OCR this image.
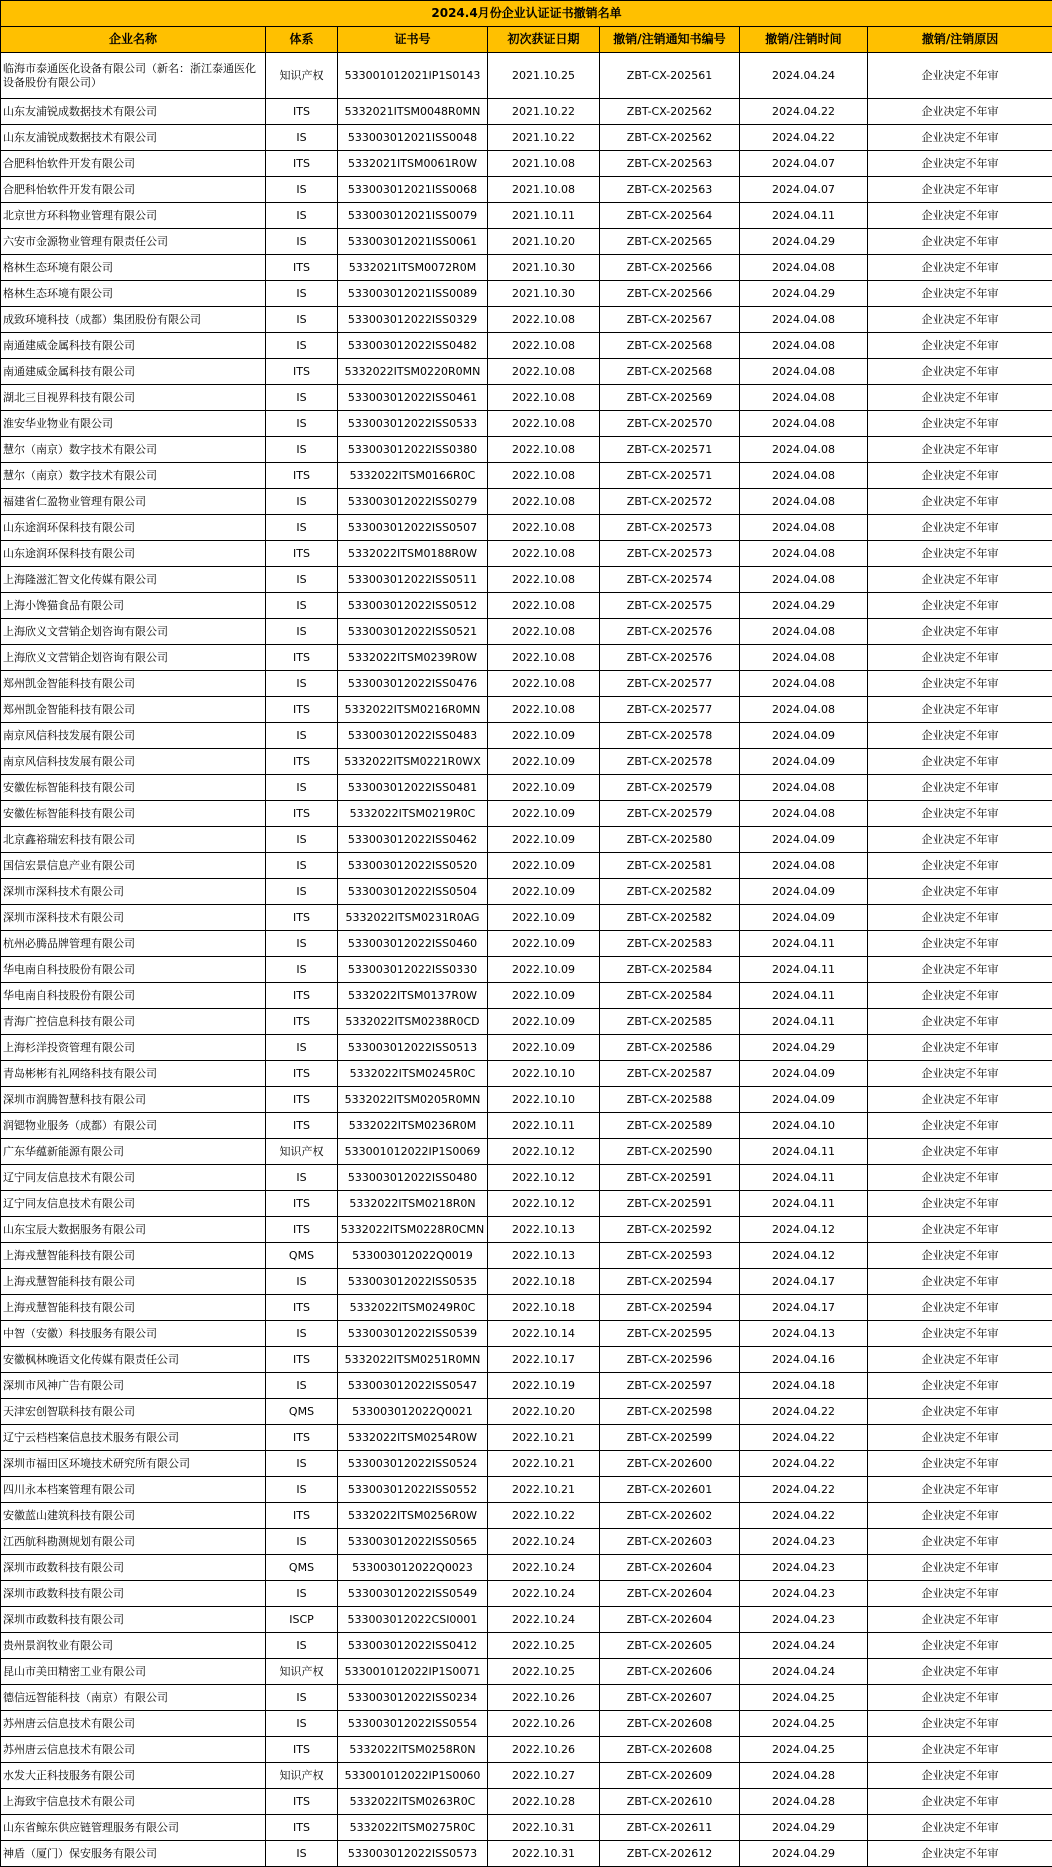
2024.4月份企业认证证书撤销名单						
企业名称	体系	证书号	初次获证日期	撤销/注销通知书编号	撤销/注销时间	撤销/注销原因
临海市泰通医化设备有限公司（新名：浙江泰通医化设备股份有限公司）	知识产权	533001012021IP1S0143	2021.10.25	ZBT-CX-202561	2024.04.24	企业决定不年审
山东友浦锐成数据技术有限公司	ITS	5332021ITSM0048R0MN	2021.10.22	ZBT-CX-202562	2024.04.22	企业决定不年审
山东友浦锐成数据技术有限公司	IS	533003012021ISS0048	2021.10.22	ZBT-CX-202562	2024.04.22	企业决定不年审
合肥科怡软件开发有限公司	ITS	5332021ITSM0061R0W	2021.10.08	ZBT-CX-202563	2024.04.07	企业决定不年审
合肥科怡软件开发有限公司	IS	533003012021ISS0068	2021.10.08	ZBT-CX-202563	2024.04.07	企业决定不年审
北京世方环科物业管理有限公司	IS	533003012021ISS0079	2021.10.11	ZBT-CX-202564	2024.04.11	企业决定不年审
六安市金源物业管理有限责任公司	IS	533003012021ISS0061	2021.10.20	ZBT-CX-202565	2024.04.29	企业决定不年审
格林生态环境有限公司	ITS	5332021ITSM0072R0M	2021.10.30	ZBT-CX-202566	2024.04.08	企业决定不年审
格林生态环境有限公司	IS	533003012021ISS0089	2021.10.30	ZBT-CX-202566	2024.04.29	企业决定不年审
成致环境科技（成都）集团股份有限公司	IS	533003012022ISS0329	2022.10.08	ZBT-CX-202567	2024.04.08	企业决定不年审
南通建威金属科技有限公司	IS	533003012022ISS0482	2022.10.08	ZBT-CX-202568	2024.04.08	企业决定不年审
南通建威金属科技有限公司	ITS	5332022ITSM0220R0MN	2022.10.08	ZBT-CX-202568	2024.04.08	企业决定不年审
湖北三目视界科技有限公司	IS	533003012022ISS0461	2022.10.08	ZBT-CX-202569	2024.04.08	企业决定不年审
淮安华业物业有限公司	IS	533003012022ISS0533	2022.10.08	ZBT-CX-202570	2024.04.08	企业决定不年审
慧尔（南京）数字技术有限公司	IS	533003012022ISS0380	2022.10.08	ZBT-CX-202571	2024.04.08	企业决定不年审
慧尔（南京）数字技术有限公司	ITS	5332022ITSM0166R0C	2022.10.08	ZBT-CX-202571	2024.04.08	企业决定不年审
福建省仁盈物业管理有限公司	IS	533003012022ISS0279	2022.10.08	ZBT-CX-202572	2024.04.08	企业决定不年审
山东途润环保科技有限公司	IS	533003012022ISS0507	2022.10.08	ZBT-CX-202573	2024.04.08	企业决定不年审
山东途润环保科技有限公司	ITS	5332022ITSM0188R0W	2022.10.08	ZBT-CX-202573	2024.04.08	企业决定不年审
上海隆滋汇智文化传媒有限公司	IS	533003012022ISS0511	2022.10.08	ZBT-CX-202574	2024.04.08	企业决定不年审
上海小馋猫食品有限公司	IS	533003012022ISS0512	2022.10.08	ZBT-CX-202575	2024.04.29	企业决定不年审
上海欣义文营销企划咨询有限公司	IS	533003012022ISS0521	2022.10.08	ZBT-CX-202576	2024.04.08	企业决定不年审
上海欣义文营销企划咨询有限公司	ITS	5332022ITSM0239R0W	2022.10.08	ZBT-CX-202576	2024.04.08	企业决定不年审
郑州凯金智能科技有限公司	IS	533003012022ISS0476	2022.10.08	ZBT-CX-202577	2024.04.08	企业决定不年审
郑州凯金智能科技有限公司	ITS	5332022ITSM0216R0MN	2022.10.08	ZBT-CX-202577	2024.04.08	企业决定不年审
南京风信科技发展有限公司	IS	533003012022ISS0483	2022.10.09	ZBT-CX-202578	2024.04.09	企业决定不年审
南京风信科技发展有限公司	ITS	5332022ITSM0221R0WX	2022.10.09	ZBT-CX-202578	2024.04.09	企业决定不年审
安徽佐标智能科技有限公司	IS	533003012022ISS0481	2022.10.09	ZBT-CX-202579	2024.04.08	企业决定不年审
安徽佐标智能科技有限公司	ITS	5332022ITSM0219R0C	2022.10.09	ZBT-CX-202579	2024.04.08	企业决定不年审
北京鑫裕瑞宏科技有限公司	IS	533003012022ISS0462	2022.10.09	ZBT-CX-202580	2024.04.09	企业决定不年审
国信宏景信息产业有限公司	IS	533003012022ISS0520	2022.10.09	ZBT-CX-202581	2024.04.08	企业决定不年审
深圳市深科技术有限公司	IS	533003012022ISS0504	2022.10.09	ZBT-CX-202582	2024.04.09	企业决定不年审
深圳市深科技术有限公司	ITS	5332022ITSM0231R0AG	2022.10.09	ZBT-CX-202582	2024.04.09	企业决定不年审
杭州必腾品牌管理有限公司	IS	533003012022ISS0460	2022.10.09	ZBT-CX-202583	2024.04.11	企业决定不年审
华电南自科技股份有限公司	IS	533003012022ISS0330	2022.10.09	ZBT-CX-202584	2024.04.11	企业决定不年审
华电南自科技股份有限公司	ITS	5332022ITSM0137R0W	2022.10.09	ZBT-CX-202584	2024.04.11	企业决定不年审
青海广控信息科技有限公司	ITS	5332022ITSM0238R0CD	2022.10.09	ZBT-CX-202585	2024.04.11	企业决定不年审
上海杉洋投资管理有限公司	IS	533003012022ISS0513	2022.10.09	ZBT-CX-202586	2024.04.29	企业决定不年审
青岛彬彬有礼网络科技有限公司	ITS	5332022ITSM0245R0C	2022.10.10	ZBT-CX-202587	2024.04.09	企业决定不年审
深圳市润腾智慧科技有限公司	ITS	5332022ITSM0205R0MN	2022.10.10	ZBT-CX-202588	2024.04.09	企业决定不年审
润锶物业服务（成都）有限公司	ITS	5332022ITSM0236R0M	2022.10.11	ZBT-CX-202589	2024.04.10	企业决定不年审
广东华蕴新能源有限公司	知识产权	533001012022IP1S0069	2022.10.12	ZBT-CX-202590	2024.04.11	企业决定不年审
辽宁同友信息技术有限公司	IS	533003012022ISS0480	2022.10.12	ZBT-CX-202591	2024.04.11	企业决定不年审
辽宁同友信息技术有限公司	ITS	5332022ITSM0218R0N	2022.10.12	ZBT-CX-202591	2024.04.11	企业决定不年审
山东宝辰大数据服务有限公司	ITS	5332022ITSM0228R0CMN	2022.10.13	ZBT-CX-202592	2024.04.12	企业决定不年审
上海戎慧智能科技有限公司	QMS	533003012022Q0019	2022.10.13	ZBT-CX-202593	2024.04.12	企业决定不年审
上海戎慧智能科技有限公司	IS	533003012022ISS0535	2022.10.18	ZBT-CX-202594	2024.04.17	企业决定不年审
上海戎慧智能科技有限公司	ITS	5332022ITSM0249R0C	2022.10.18	ZBT-CX-202594	2024.04.17	企业决定不年审
中智（安徽）科技服务有限公司	IS	533003012022ISS0539	2022.10.14	ZBT-CX-202595	2024.04.13	企业决定不年审
安徽枫林晚语文化传媒有限责任公司	ITS	5332022ITSM0251R0MN	2022.10.17	ZBT-CX-202596	2024.04.16	企业决定不年审
深圳市风神广告有限公司	IS	533003012022ISS0547	2022.10.19	ZBT-CX-202597	2024.04.18	企业决定不年审
天津宏创智联科技有限公司	QMS	533003012022Q0021	2022.10.20	ZBT-CX-202598	2024.04.22	企业决定不年审
辽宁云档档案信息技术服务有限公司	ITS	5332022ITSM0254R0W	2022.10.21	ZBT-CX-202599	2024.04.22	企业决定不年审
深圳市福田区环境技术研究所有限公司	IS	533003012022ISS0524	2022.10.21	ZBT-CX-202600	2024.04.22	企业决定不年审
四川永本档案管理有限公司	IS	533003012022ISS0552	2022.10.21	ZBT-CX-202601	2024.04.22	企业决定不年审
安徽蓝山建筑科技有限公司	ITS	5332022ITSM0256R0W	2022.10.22	ZBT-CX-202602	2024.04.22	企业决定不年审
江西航科勘测规划有限公司	IS	533003012022ISS0565	2022.10.24	ZBT-CX-202603	2024.04.23	企业决定不年审
深圳市政数科技有限公司	QMS	533003012022Q0023	2022.10.24	ZBT-CX-202604	2024.04.23	企业决定不年审
深圳市政数科技有限公司	IS	533003012022ISS0549	2022.10.24	ZBT-CX-202604	2024.04.23	企业决定不年审
深圳市政数科技有限公司	ISCP	533003012022CSI0001	2022.10.24	ZBT-CX-202604	2024.04.23	企业决定不年审
贵州景润牧业有限公司	IS	533003012022ISS0412	2022.10.25	ZBT-CX-202605	2024.04.24	企业决定不年审
昆山市美田精密工业有限公司	知识产权	533001012022IP1S0071	2022.10.25	ZBT-CX-202606	2024.04.24	企业决定不年审
德信远智能科技（南京）有限公司	IS	533003012022ISS0234	2022.10.26	ZBT-CX-202607	2024.04.25	企业决定不年审
苏州唐云信息技术有限公司	IS	533003012022ISS0554	2022.10.26	ZBT-CX-202608	2024.04.25	企业决定不年审
苏州唐云信息技术有限公司	ITS	5332022ITSM0258R0N	2022.10.26	ZBT-CX-202608	2024.04.25	企业决定不年审
水发大正科技服务有限公司	知识产权	533001012022IP1S0060	2022.10.27	ZBT-CX-202609	2024.04.28	企业决定不年审
上海致宇信息技术有限公司	ITS	5332022ITSM0263R0C	2022.10.28	ZBT-CX-202610	2024.04.28	企业决定不年审
山东省鲸东供应链管理服务有限公司	ITS	5332022ITSM0275R0C	2022.10.31	ZBT-CX-202611	2024.04.29	企业决定不年审
神盾（厦门）保安服务有限公司	IS	533003012022ISS0573	2022.10.31	ZBT-CX-202612	2024.04.29	企业决定不年审
